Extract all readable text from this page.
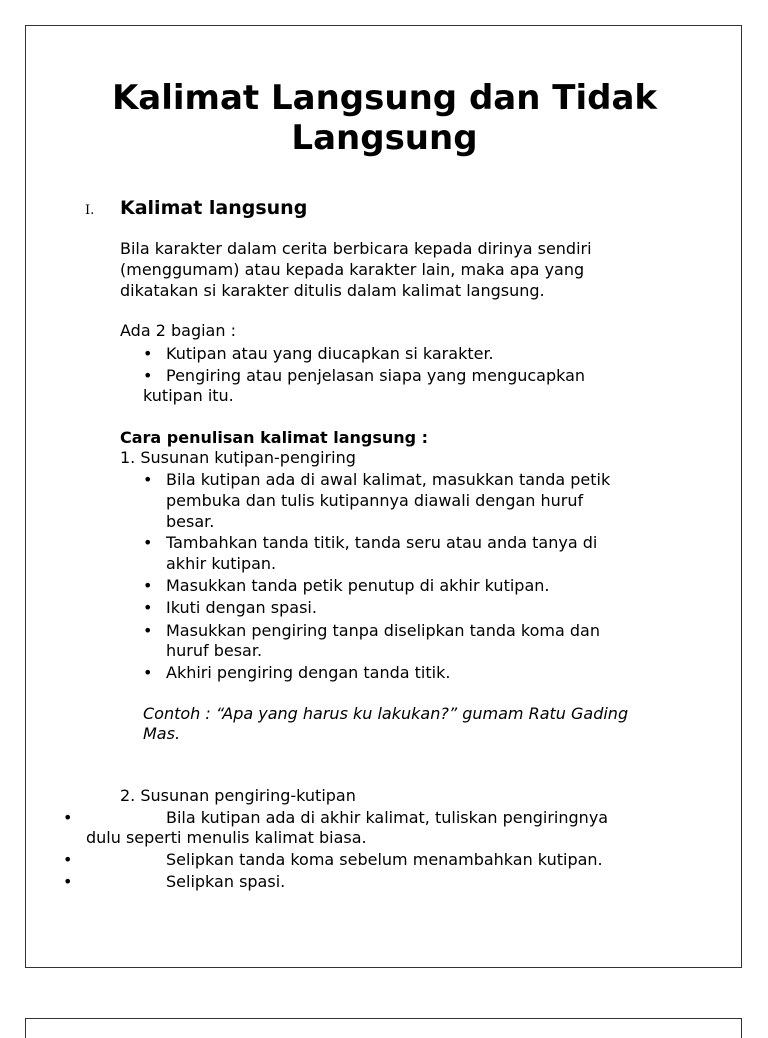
Kalimat Langsung dan Tidak
Langsung
I. Kalimat langsung
Bila karakter dalam cerita berbicara kepada dirinya sendiri
(menggumam) atau kepada karakter lain, maka apa yang
dikatakan si karakter ditulis dalam kalimat langsung.
Ada 2 bagian :
• Kutipan atau yang diucapkan si karakter.
• Pengiring atau penjelasan siapa yang mengucapkan
kutipan itu.
Cara penulisan kalimat langsung :
1. Susunan kutipan-pengiring
• Bila kutipan ada di awal kalimat, masukkan tanda petik
pembuka dan tulis kutipannya diawali dengan huruf
besar.
• Tambahkan tanda titik, tanda seru atau anda tanya di
akhir kutipan.
• Masukkan tanda petik penutup di akhir kutipan.
• Ikuti dengan spasi.
• Masukkan pengiring tanpa diselipkan tanda koma dan
huruf besar.
• Akhiri pengiring dengan tanda titik.
Contoh : “Apa yang harus ku lakukan?” gumam Ratu Gading
Mas.
2. Susunan pengiring-kutipan
•	Bila kutipan ada di akhir kalimat, tuliskan pengiringnya
dulu seperti menulis kalimat biasa.
•	Selipkan tanda koma sebelum menambahkan kutipan.
•	Selipkan spasi.
